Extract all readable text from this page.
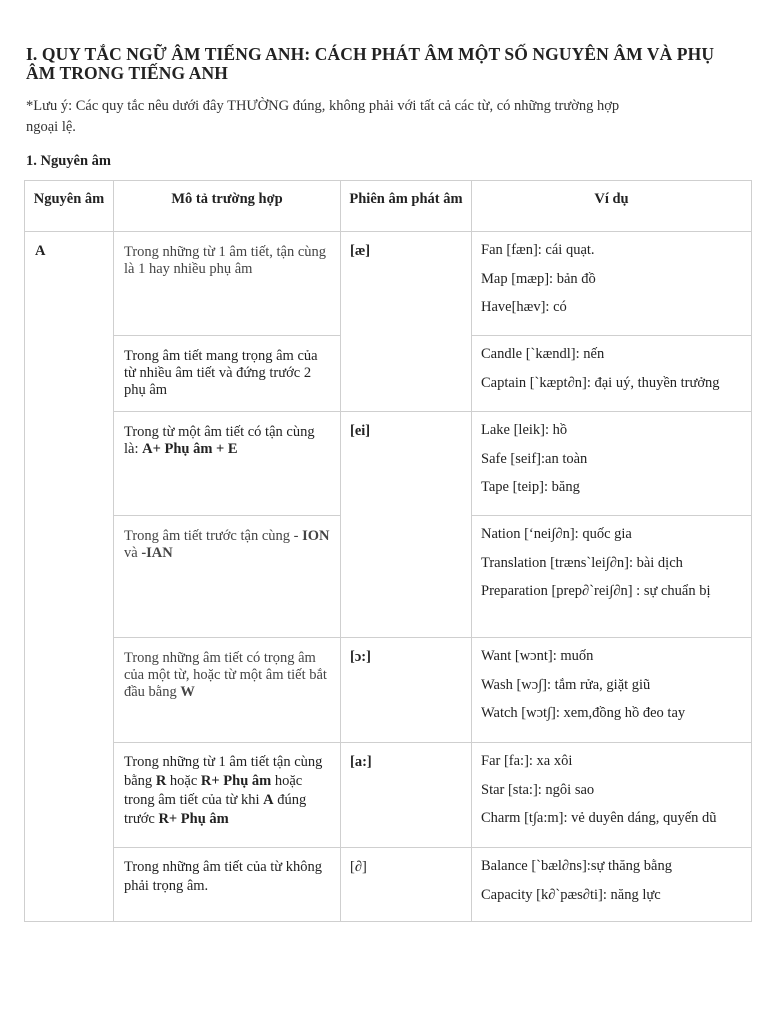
I. QUY TẮC NGỮ ÂM TIẾNG ANH: CÁCH PHÁT ÂM MỘT SỐ NGUYÊN ÂM VÀ PHỤ ÂM TRONG TIẾNG ANH

*Lưu ý: Các quy tắc nêu dưới đây THƯỜNG đúng, không phải với tất cả các từ, có những trường hợp ngoại lệ.

1. Nguyên âm

Nguyên âm	Mô tả trường hợp	Phiên âm phát âm	Ví dụ

A	Trong những từ 1 âm tiết, tận cùng là 1 hay nhiều phụ âm	[æ]	Fan [fæn]: cái quạt.

Map [mæp]: bản đồ

Have[hæv]: có

	Trong âm tiết mang trọng âm của từ nhiều âm tiết và đứng trước 2 phụ âm		Candle [`kændl]: nến

Captain [`kæpt∂n]: đại uý, thuyền trưởng

	Trong từ một âm tiết có tận cùng là: A+ Phụ âm + E	[ei]	Lake [leik]: hồ

Safe [seif]:an toàn

Tape [teip]: băng

	Trong âm tiết trước tận cùng - ION và -IAN		Nation [‘nei∫∂n]: quốc gia

Translation [træns`lei∫∂n]: bài dịch

Preparation [prep∂`rei∫∂n] : sự chuẩn bị

	Trong những âm tiết có trọng âm của một từ, hoặc từ một âm tiết bắt đầu bằng W	[ɔ:]	Want [wɔnt]: muốn

Wash [wɔ∫]: tắm rửa, giặt giũ

Watch [wɔt∫]: xem,đồng hồ đeo tay

	Trong những từ 1 âm tiết tận cùng bằng R hoặc R+ Phụ âm hoặc trong âm tiết của từ khi A đúng trước R+ Phụ âm	[a:]	Far [fa:]: xa xôi

Star [sta:]: ngôi sao

Charm [t∫a:m]: vẻ duyên dáng, quyến dũ

	Trong những âm tiết của từ không phải trọng âm.	[∂]	Balance [`bæl∂ns]:sự thăng bằng

Capacity [k∂`pæs∂ti]: năng lực
